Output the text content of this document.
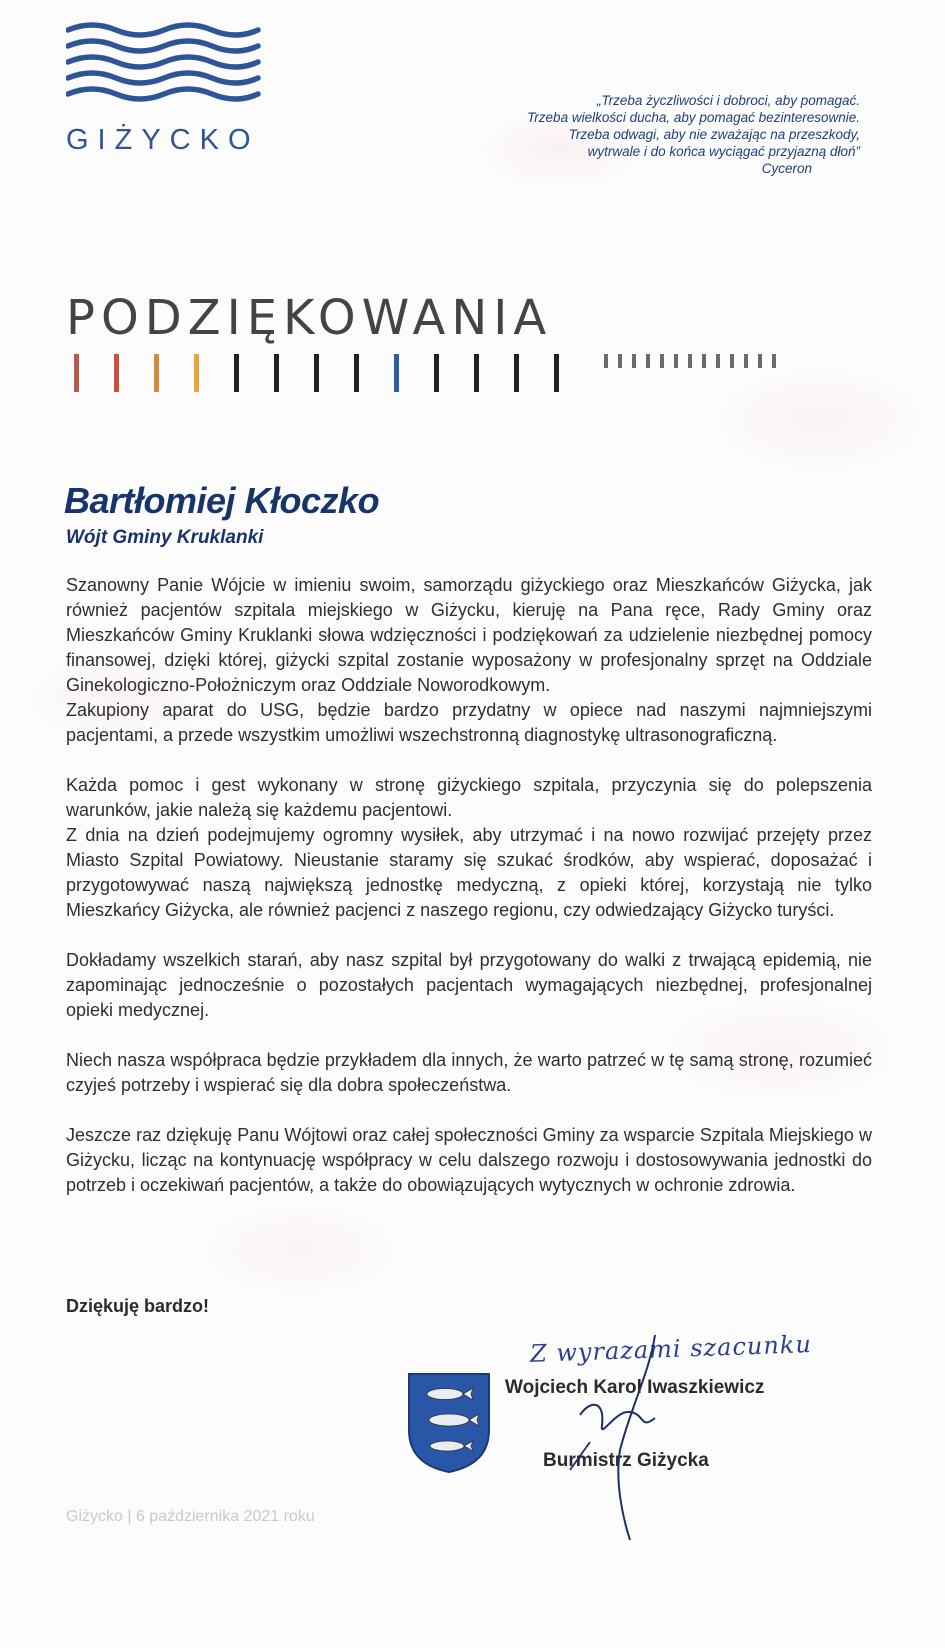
GIŻYCKO
„Trzeba życzliwości i dobroci, aby pomagać.
Trzeba wielkości ducha, aby pomagać bezinteresownie.
Trzeba odwagi, aby nie zważając na przeszkody,
wytrwale i do końca wyciągać przyjazną dłoń”
Cyceron
PODZIĘKOWANIA
Bartłomiej Kłoczko
Wójt Gminy Kruklanki

Szanowny Panie Wójcie w imieniu swoim, samorządu giżyckiego oraz Mieszkańców Giżycka, jak również pacjentów szpitala miejskiego w Giżycku, kieruję na Pana ręce, Rady Gminy oraz Mieszkańców Gminy Kruklanki słowa wdzięczności i podziękowań za udzielenie niezbędnej pomocy finansowej, dzięki której, giżycki szpital zostanie wyposażony w profesjonalny sprzęt na Oddziale Ginekologiczno-Położniczym oraz Oddziale Noworodkowym.

Zakupiony aparat do USG, będzie bardzo przydatny w opiece nad naszymi najmniejszymi pacjentami, a przede wszystkim umożliwi wszechstronną diagnostykę ultrasonograficzną.

Każda pomoc i gest wykonany w stronę giżyckiego szpitala, przyczynia się do polepszenia warunków, jakie należą się każdemu pacjentowi.

Z dnia na dzień podejmujemy ogromny wysiłek, aby utrzymać i na nowo rozwijać przejęty przez Miasto Szpital Powiatowy. Nieustanie staramy się szukać środków, aby wspierać, doposażać i przygotowywać naszą największą jednostkę medyczną, z opieki której, korzystają nie tylko Mieszkańcy Giżycka, ale również pacjenci z naszego regionu, czy odwiedzający Giżycko turyści.

Dokładamy wszelkich starań, aby nasz szpital był przygotowany do walki z trwającą epidemią, nie zapominając jednocześnie o pozostałych pacjentach wymagających niezbędnej, profesjonalnej opieki medycznej.

Niech nasza współpraca będzie przykładem dla innych, że warto patrzeć w tę samą stronę, rozumieć czyjeś potrzeby i wspierać się dla dobra społeczeństwa.

Jeszcze raz dziękuję Panu Wójtowi oraz całej społeczności Gminy za wsparcie Szpitala Miejskiego w Giżycku, licząc na kontynuację współpracy w celu dalszego rozwoju i dostosowywania jednostki do potrzeb i oczekiwań pacjentów, a także do obowiązujących wytycznych w ochronie zdrowia.

Dziękuję bardzo!
Z wyrazami szacunku
Wojciech Karol Iwaszkiewicz
Burmistrz Giżycka
Giżycko | 6 października 2021 roku
